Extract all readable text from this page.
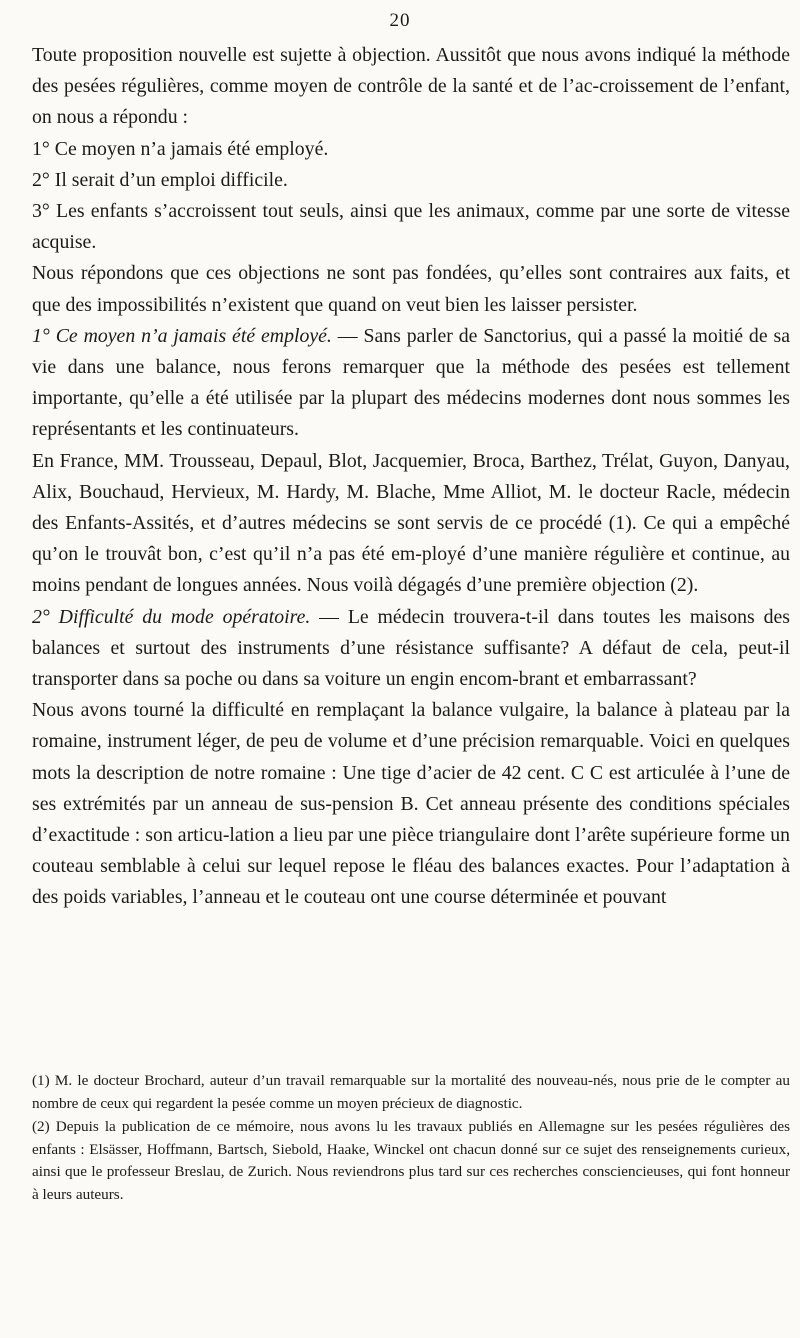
20

Toute proposition nouvelle est sujette à objection. Aussitôt que nous avons indiqué la méthode des pesées régulières, comme moyen de contrôle de la santé et de l’ac-croissement de l’enfant, on nous a répondu :

1° Ce moyen n’a jamais été employé.

2° Il serait d’un emploi difficile.

3° Les enfants s’accroissent tout seuls, ainsi que les animaux, comme par une sorte de vitesse acquise.

Nous répondons que ces objections ne sont pas fondées, qu’elles sont contraires aux faits, et que des impossibilités n’existent que quand on veut bien les laisser persister.

1° Ce moyen n’a jamais été employé. — Sans parler de Sanctorius, qui a passé la moitié de sa vie dans une balance, nous ferons remarquer que la méthode des pesées est tellement importante, qu’elle a été utilisée par la plupart des médecins modernes dont nous sommes les représentants et les continuateurs.

En France, MM. Trousseau, Depaul, Blot, Jacquemier, Broca, Barthez, Trélat, Guyon, Danyau, Alix, Bouchaud, Hervieux, M. Hardy, M. Blache, Mme Alliot, M. le docteur Racle, médecin des Enfants-Assités, et d’autres médecins se sont servis de ce procédé (1). Ce qui a empêché qu’on le trouvât bon, c’est qu’il n’a pas été em-ployé d’une manière régulière et continue, au moins pendant de longues années. Nous voilà dégagés d’une première objection (2).

2° Difficulté du mode opératoire. — Le médecin trouvera-t-il dans toutes les maisons des balances et surtout des instruments d’une résistance suffisante? A défaut de cela, peut-il transporter dans sa poche ou dans sa voiture un engin encom-brant et embarrassant?

Nous avons tourné la difficulté en remplaçant la balance vulgaire, la balance à plateau par la romaine, instrument léger, de peu de volume et d’une précision remarquable. Voici en quelques mots la description de notre romaine : Une tige d’acier de 42 cent. C C est articulée à l’une de ses extrémités par un anneau de sus-pension B. Cet anneau présente des conditions spéciales d’exactitude : son articu-lation a lieu par une pièce triangulaire dont l’arête supérieure forme un couteau semblable à celui sur lequel repose le fléau des balances exactes. Pour l’adaptation à des poids variables, l’anneau et le couteau ont une course déterminée et pouvant

(1) M. le docteur Brochard, auteur d’un travail remarquable sur la mortalité des nouveau-nés, nous prie de le compter au nombre de ceux qui regardent la pesée comme un moyen précieux de diagnostic.

(2) Depuis la publication de ce mémoire, nous avons lu les travaux publiés en Allemagne sur les pesées régulières des enfants : Elsässer, Hoffmann, Bartsch, Siebold, Haake, Winckel ont chacun donné sur ce sujet des renseignements curieux, ainsi que le professeur Breslau, de Zurich. Nous reviendrons plus tard sur ces recherches consciencieuses, qui font honneur à leurs auteurs.
